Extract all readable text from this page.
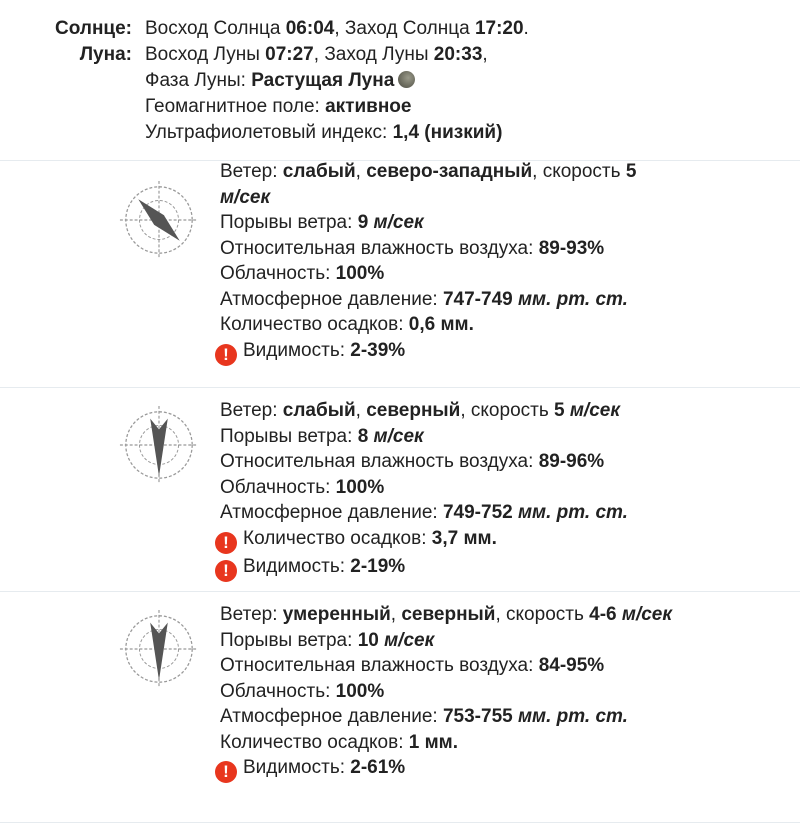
Солнце: Восход Солнца 06:04, Заход Солнца 17:20.
Луна: Восход Луны 07:27, Заход Луны 20:33,
Фаза Луны: Растущая Луна
Геомагнитное поле: активное
Ультрафиолетовый индекс: 1,4 (низкий)
Ветер: слабый, северо-западный, скорость 5
м/сек
Порывы ветра: 9 м/сек
Относительная влажность воздуха: 89-93%
Облачность: 100%
Атмосферное давление: 747-749 мм. рт. ст.
Количество осадков: 0,6 мм.
! Видимость: 2-39%
Ветер: слабый, северный, скорость 5 м/сек
Порывы ветра: 8 м/сек
Относительная влажность воздуха: 89-96%
Облачность: 100%
Атмосферное давление: 749-752 мм. рт. ст.
! Количество осадков: 3,7 мм.
! Видимость: 2-19%
Ветер: умеренный, северный, скорость 4-6 м/сек
Порывы ветра: 10 м/сек
Относительная влажность воздуха: 84-95%
Облачность: 100%
Атмосферное давление: 753-755 мм. рт. ст.
Количество осадков: 1 мм.
! Видимость: 2-61%
